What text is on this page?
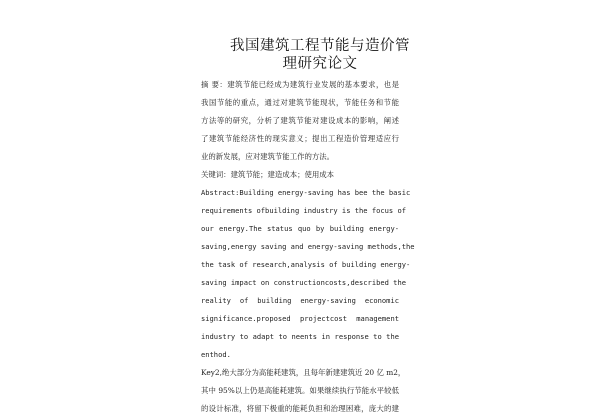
我国建筑工程节能与造价管
理研究论文

摘 要：建筑节能已经成为建筑行业发展的基本要求，也是

我国节能的重点，通过对建筑节能现状，节能任务和节能

方法等的研究，分析了建筑节能对建设成本的影响，阐述

了建筑节能经济性的现实意义；提出工程造价管理适应行

业的新发展，应对建筑节能工作的方法。

关键词：建筑节能；建造成本；使用成本

Abstract:Building energy-saving has bee the basic

requirements ofbuilding industry is the focus of

our energy.The status quo by building energy-

saving,energy saving and energy-saving methods,the

the task of research,analysis of building energy-

saving impact on constructioncosts,described the

reality of building energy-saving economic

significance.proposed projectcost management

industry to adapt to neents in response to the

enthod.

Key2,绝大部分为高能耗建筑，且每年新建建筑近 20 亿 m2，

其中 95%以上仍是高能耗建筑。如果继续执行节能水平较低

的设计标准，将留下极重的能耗负担和治理困难，庞大的建
